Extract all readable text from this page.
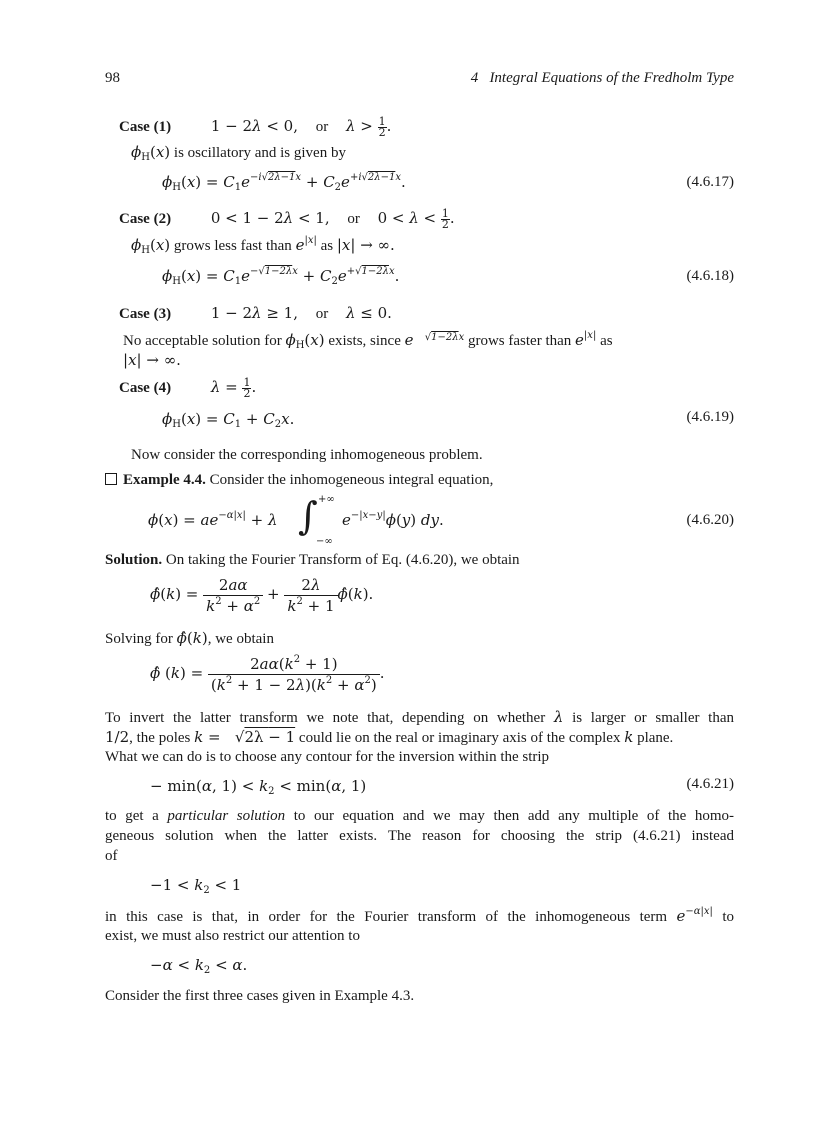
98	4   Integral Equations of the Fredholm Type
Case (1)	1 − 2λ < 0, or $\lambda > \frac{1}{2}$ .
$\phi_H(x)$ is oscillatory and is given by
$\phi_H(x) = C_1e^{-i√2\lambda-1x} + C_2e^{+i√2\lambda-1x}$.	(4.6.17)
Case (2)	0 < 1 − 2λ < 1, or $0 < \lambda < \frac{1}{2}$ .
$\phi_H(x)$ grows less fast than $e^{|x|}$ as |x| → ∞.
$\phi_H(x) = C_1e^{-√1-2\lambda x} + C_2e^{+√1-2\lambda x}$.	(4.6.18)
Case (3)	1 − 2λ ≥ 1, or λ ≤ 0.
No acceptable solution for $\phi_H(x)$ exists, since e $^{√1-2\lambda x}$ grows faster than $e^{|x|}$ as
|x| → ∞.
Case (4)	$\lambda = \frac{1}{2}$ .
$\phi_H(x) = C_1 + C_2x$.	(4.6.19)
Now consider the corresponding inhomogeneous problem.
Example 4.4. Consider the inhomogeneous integral equation,
$\phi(x) = ae^{-\alpha|x|} + \lambda$ ∫ +∞
−∞
$e^{-|x-y|}\phi(y)$ dy.	(4.6.20)
Solution. On taking the Fourier Transform of Eq. (4.6.20), we obtain
ϕ̂(k) = $\frac{2a\alpha}{k^2 + \alpha^2} + \frac{2\lambda}{k^2 + 1}$ ϕ̂(k).
Solving for ϕ̂(k), we obtain
ϕ̂ $(k) = \frac{2a\alpha(k^2 + 1)}{(k^2 + 1 - 2\lambda)(k^2 + \alpha^2)}$ .
To invert the latter transform we note that, depending on whether λ is larger or smaller than
1/2, the poles k =   √2λ − 1 could lie on the real or imaginary axis of the complex k plane.
What we can do is to choose any contour for the inversion within the strip
− min(α, $1) < k_2 < \min(\alpha$, 1)	(4.6.21)
to get a particular solution to our equation and we may then add any multiple of the homo-
geneous solution when the latter exists. The reason for choosing the strip (4.6.21) instead
of
$-1 < k_2 < 1$
in this case is that, in order for the Fourier transform of the inhomogeneous term $e^{-\alpha|x|}$ to
exist, we must also restrict our attention to
$-\alpha < k_2 < \alpha$.
Consider the first three cases given in Example 4.3.
